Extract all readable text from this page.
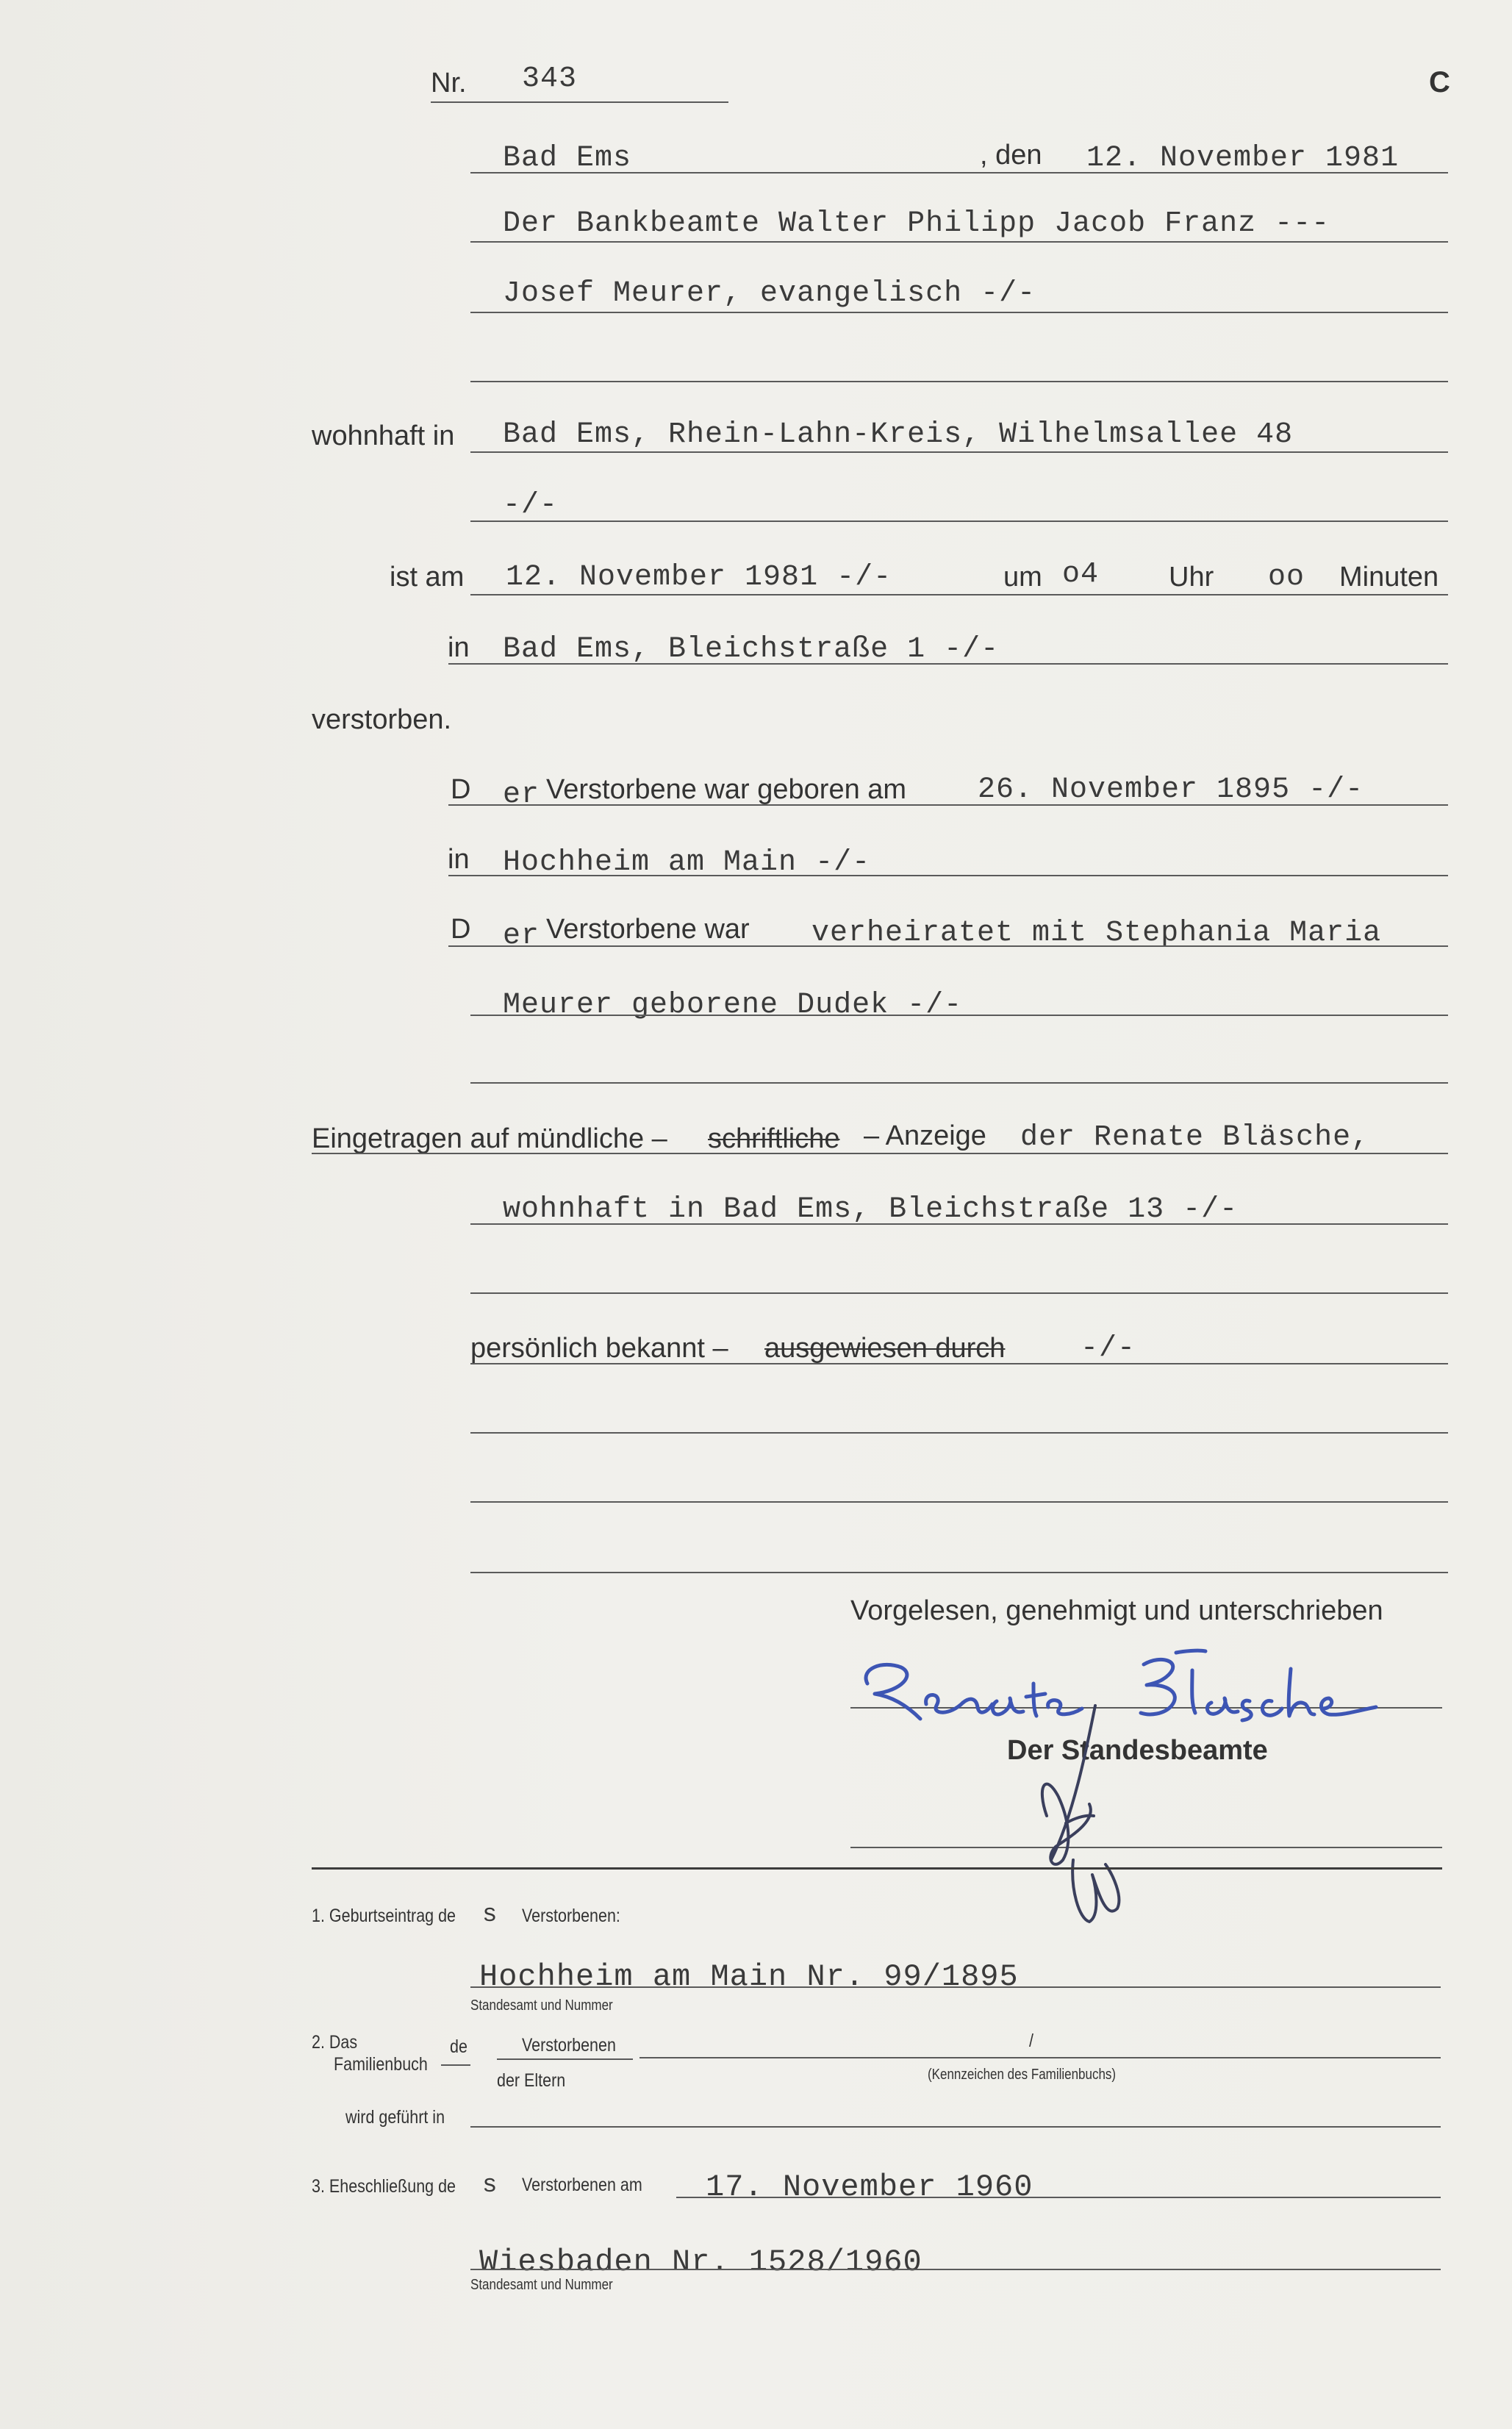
C
Nr. 343
Bad Ems	, den 12. November 1981
Der Bankbeamte Walter Philipp Jacob Franz ---
Josef Meurer, evangelisch -/-
wohnhaft in Bad Ems, Rhein-Lahn-Kreis, Wilhelmsallee 48
-/-
ist am 12. November 1981 -/-	um o4 Uhr oo Minuten
in Bad Ems, Bleichstraße 1 -/-
verstorben.
D er Verstorbene war geboren am 26. November 1895 -/-
in Hochheim am Main -/-
D er Verstorbene war verheiratet mit Stephania Maria
Meurer geborene Dudek -/-
Eingetragen auf mündliche – schriftliche – Anzeige der Renate Bläsche,
wohnhaft in Bad Ems, Bleichstraße 13 -/-
persönlich bekannt – ausgewiesen durch	-/-
Vorgelesen, genehmigt und unterschrieben
Der Standesbeamte
1. Geburtseintrag de s Verstorbenen:
Hochheim am Main Nr. 99/1895
Standesamt und Nummer
2. Das
Familienbuch
de	Verstorbenen
der Eltern
/
(Kennzeichen des Familienbuchs)
wird geführt in
3. Eheschließung de s Verstorbenen am 17. November 1960
Wiesbaden Nr. 1528/1960
Standesamt und Nummer
